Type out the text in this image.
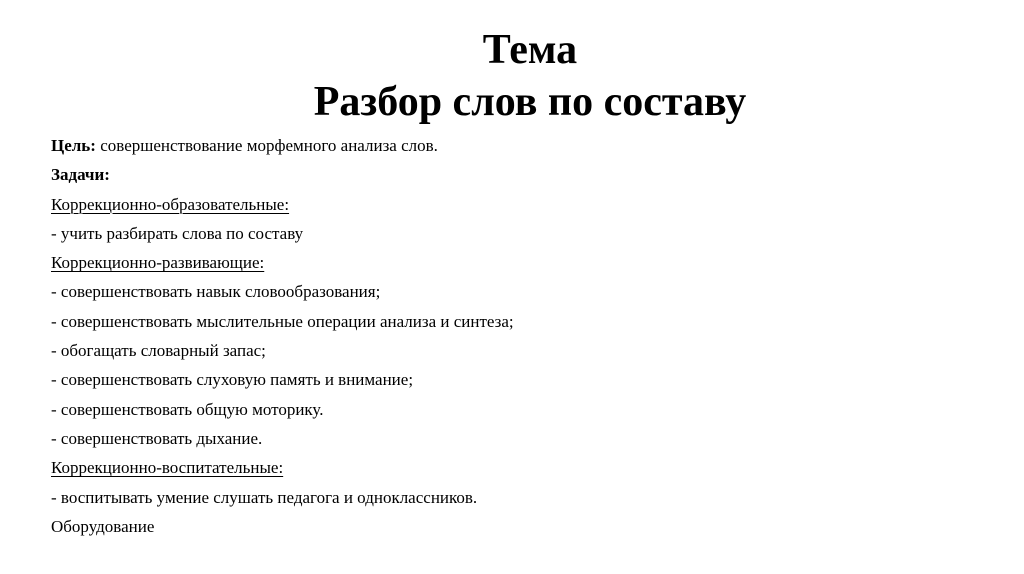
Тема
Разбор слов по составу
Цель: совершенствование морфемного анализа слов.
Задачи:
Коррекционно-образовательные:
- учить разбирать слова по составу
Коррекционно-развивающие:
- совершенствовать навык словообразования;
- совершенствовать мыслительные операции анализа и синтеза;
- обогащать словарный запас;
- совершенствовать слуховую память и внимание;
- совершенствовать общую моторику.
- совершенствовать дыхание.
Коррекционно-воспитательные:
- воспитывать умение слушать педагога и одноклассников.
Оборудование
